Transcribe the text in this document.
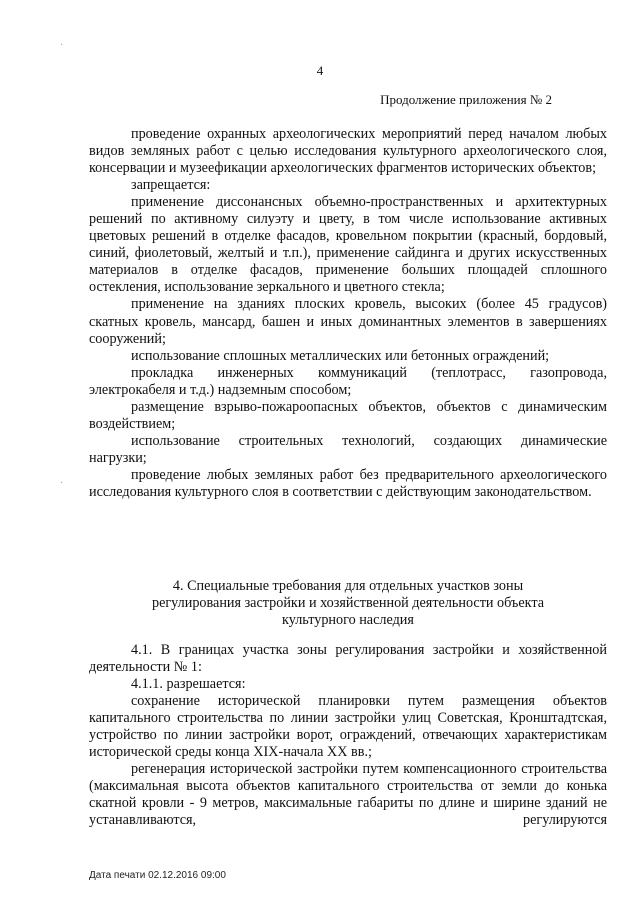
4
Продолжение приложения № 2

проведение охранных археологических мероприятий перед началом любых видов земляных работ с целью исследования культурного археологического слоя, консервации и музеефикации археологических фрагментов исторических объектов;

запрещается:

применение диссонансных объемно-пространственных и архитектурных решений по активному силуэту и цвету, в том числе использование активных цветовых решений в отделке фасадов, кровельном покрытии (красный, бордовый, синий, фиолетовый, желтый и т.п.), применение сайдинга и других искусственных материалов в отделке фасадов, применение больших площадей сплошного остекления, использование зеркального и цветного стекла;

применение на зданиях плоских кровель, высоких (более 45 градусов) скатных кровель, мансард, башен и иных доминантных элементов в завершениях сооружений;

использование сплошных металлических или бетонных ограждений;

прокладка инженерных коммуникаций (теплотрасс, газопровода, электрокабеля и т.д.) надземным способом;

размещение взрыво-пожароопасных объектов, объектов с динамическим воздействием;

использование строительных технологий, создающих динамические нагрузки;

проведение любых земляных работ без предварительного археологического исследования культурного слоя в соответствии с действующим законодательством.

4. Специальные требования для отдельных участков зоны
регулирования застройки и хозяйственной деятельности объекта
культурного наследия

4.1. В границах участка зоны регулирования застройки и хозяйственной деятельности № 1:

4.1.1. разрешается:

сохранение исторической планировки путем размещения объектов капитального строительства по линии застройки улиц Советская, Кронштадтская, устройство по линии застройки ворот, ограждений, отвечающих характеристикам исторической среды конца XIX-начала XX вв.;

регенерация исторической застройки путем компенсационного строительства (максимальная высота объектов капитального строительства от земли до конька скатной кровли - 9 метров, максимальные габариты по длине и ширине зданий не устанавливаются, регулируются

Дата печати 02.12.2016 09:00
·
·
